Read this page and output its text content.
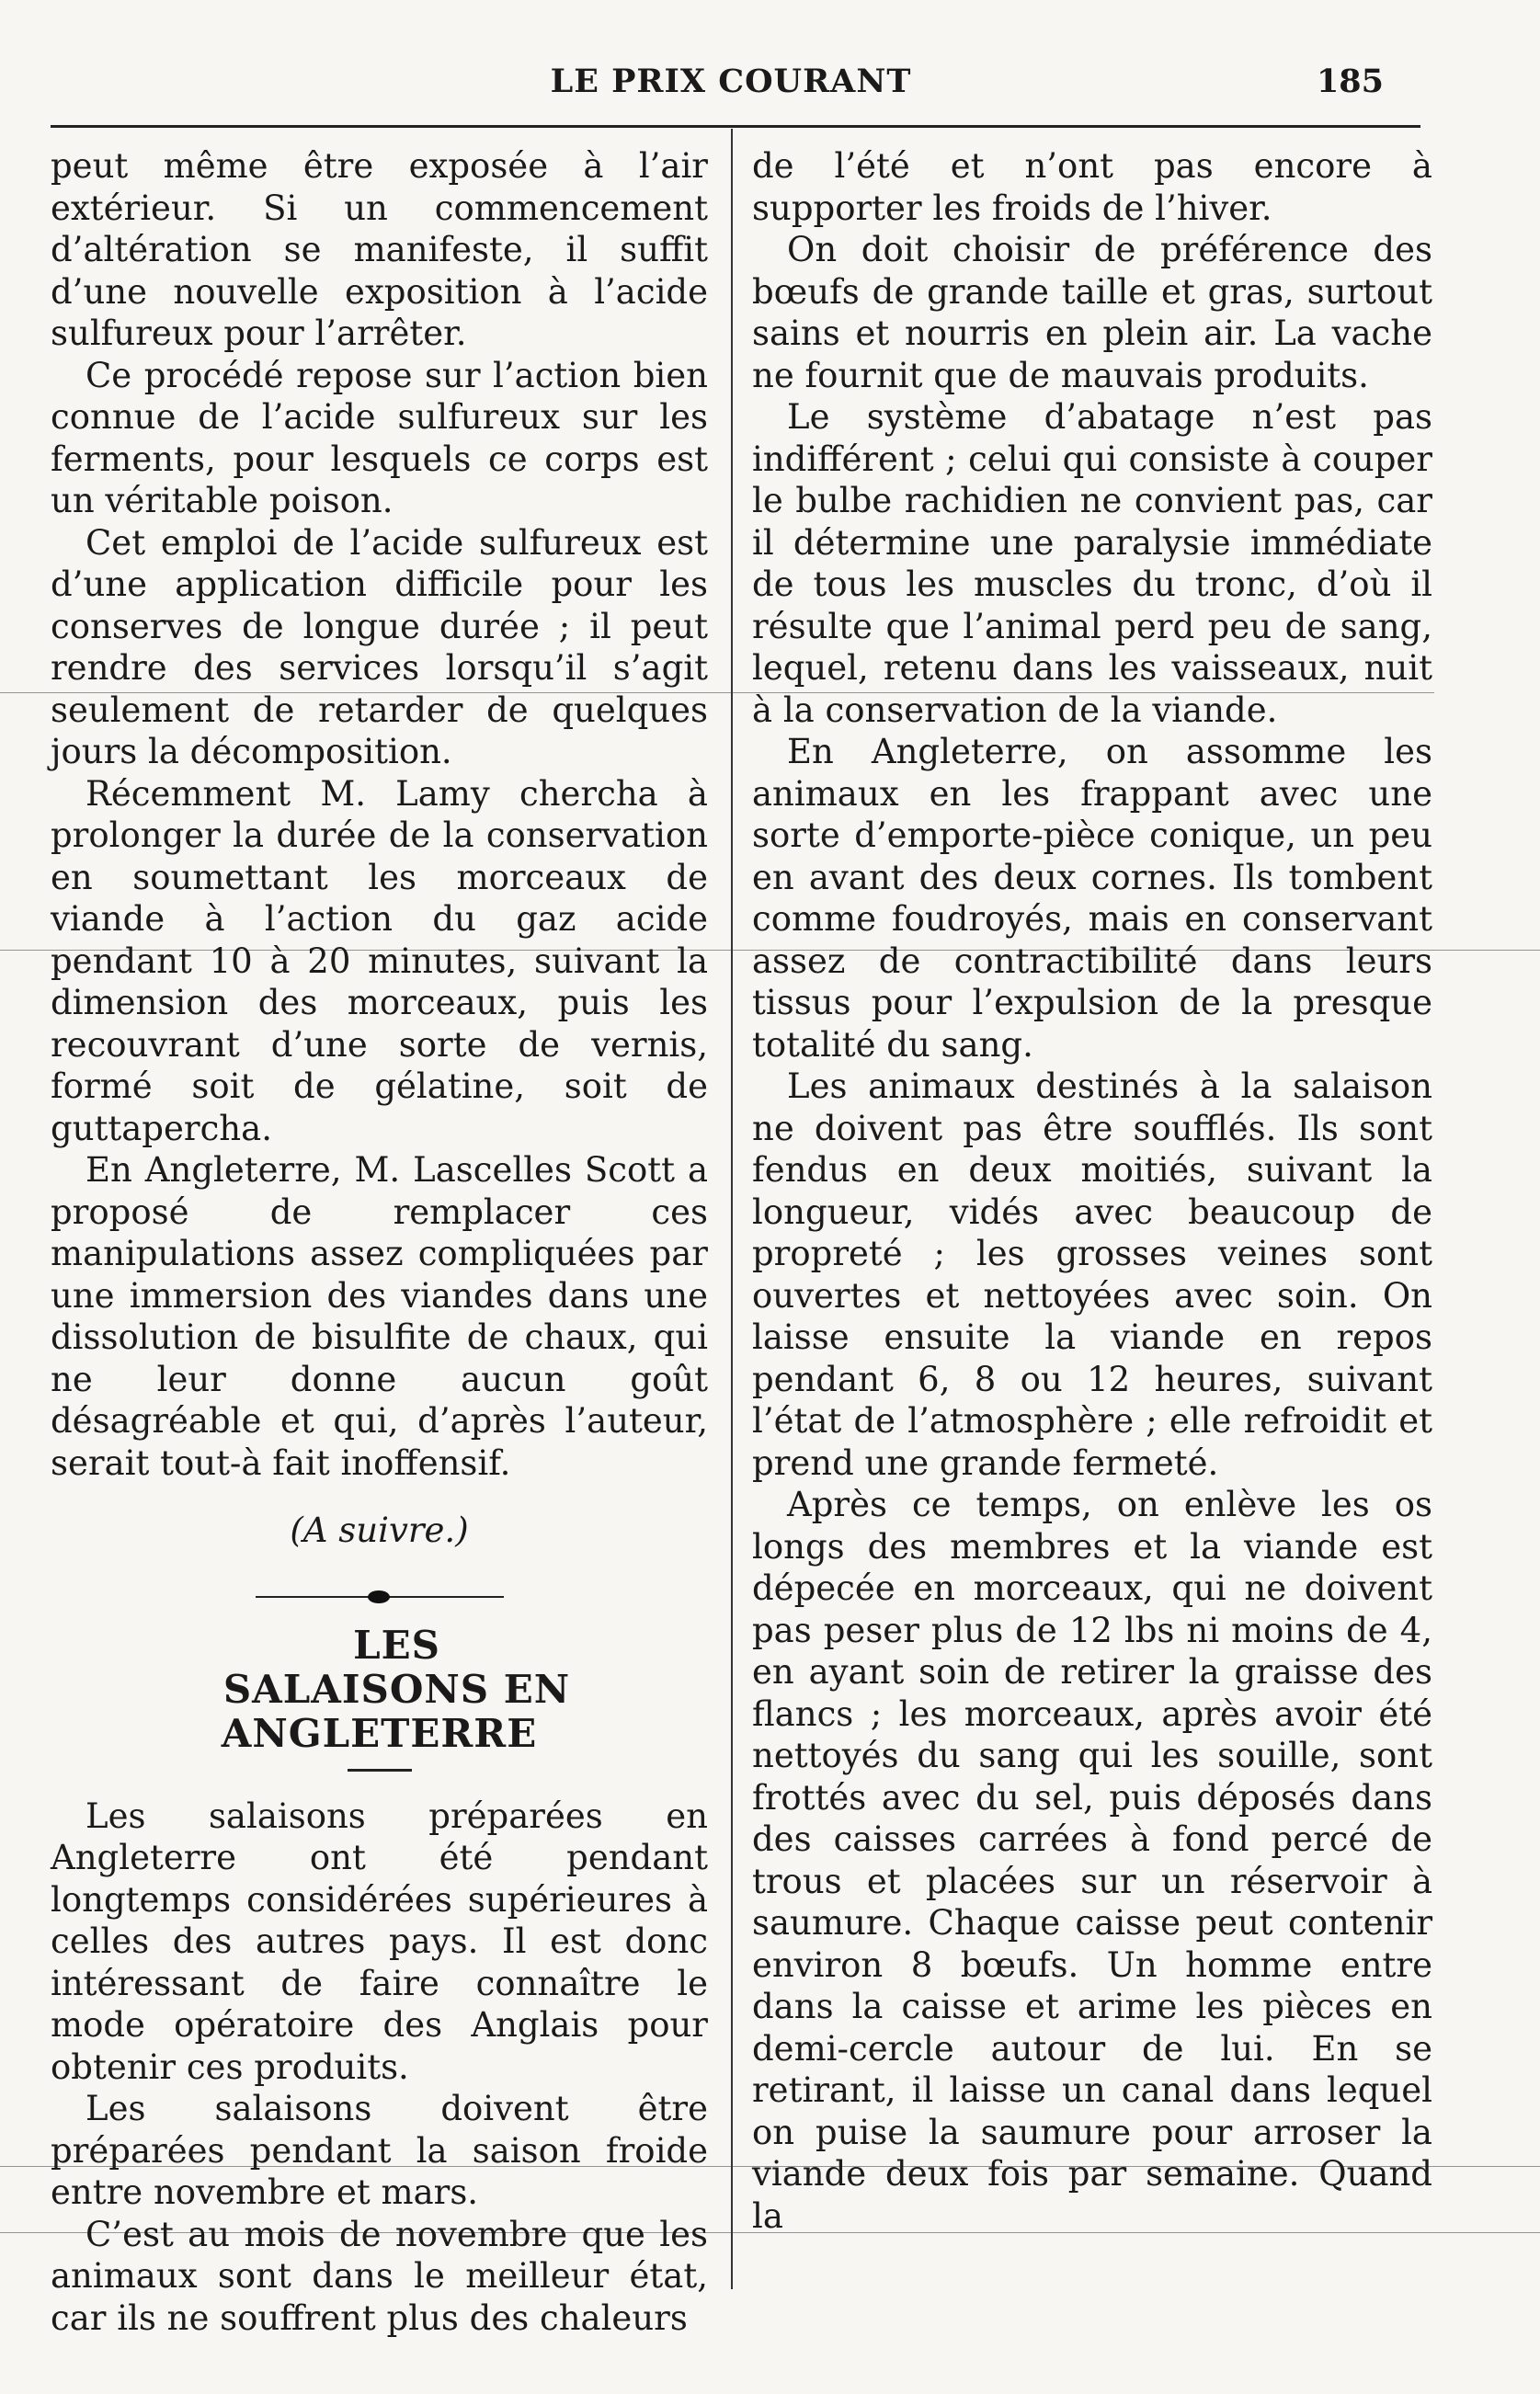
LE PRIX COURANT	185

peut même être exposée à l’air extérieur. Si un commencement d’altération se manifeste, il suffit d’une nouvelle exposition à l’acide sulfureux pour l’arrêter.

Ce procédé repose sur l’action bien connue de l’acide sulfureux sur les ferments, pour lesquels ce corps est un véritable poison.

Cet emploi de l’acide sulfureux est d’une application difficile pour les conserves de longue durée ; il peut rendre des services lorsqu’il s’agit seulement de retarder de quelques jours la décomposition.

Récemment M. Lamy chercha à prolonger la durée de la conservation en soumettant les morceaux de viande à l’action du gaz acide pendant 10 à 20 minutes, suivant la dimension des morceaux, puis les recouvrant d’une sorte de vernis, formé soit de gélatine, soit de guttapercha.

En Angleterre, M. Lascelles Scott a proposé de remplacer ces manipulations assez compliquées par une immersion des viandes dans une dissolution de bisulfite de chaux, qui ne leur donne aucun goût désagréable et qui, d’après l’auteur, serait tout-à fait inoffensif.

(A suivre.)

LES

SALAISONS EN ANGLETERRE

Les salaisons préparées en Angleterre ont été pendant longtemps considérées supérieures à celles des autres pays. Il est donc intéressant de faire connaître le mode opératoire des Anglais pour obtenir ces produits.

Les salaisons doivent être préparées pendant la saison froide entre novembre et mars.

C’est au mois de novembre que les animaux sont dans le meilleur état, car ils ne souffrent plus des chaleurs

de l’été et n’ont pas encore à supporter les froids de l’hiver.

On doit choisir de préférence des bœufs de grande taille et gras, surtout sains et nourris en plein air. La vache ne fournit que de mauvais produits.

Le système d’abatage n’est pas indifférent ; celui qui consiste à couper le bulbe rachidien ne convient pas, car il détermine une paralysie immédiate de tous les muscles du tronc, d’où il résulte que l’animal perd peu de sang, lequel, retenu dans les vaisseaux, nuit à la conservation de la viande.

En Angleterre, on assomme les animaux en les frappant avec une sorte d’emporte-pièce conique, un peu en avant des deux cornes. Ils tombent comme foudroyés, mais en conservant assez de contractibilité dans leurs tissus pour l’expulsion de la presque totalité du sang.

Les animaux destinés à la salaison ne doivent pas être soufflés. Ils sont fendus en deux moitiés, suivant la longueur, vidés avec beaucoup de propreté ; les grosses veines sont ouvertes et nettoyées avec soin. On laisse ensuite la viande en repos pendant 6, 8 ou 12 heures, suivant l’état de l’atmosphère ; elle refroidit et prend une grande fermeté.

Après ce temps, on enlève les os longs des membres et la viande est dépecée en morceaux, qui ne doivent pas peser plus de 12 lbs ni moins de 4, en ayant soin de retirer la graisse des flancs ; les morceaux, après avoir été nettoyés du sang qui les souille, sont frottés avec du sel, puis déposés dans des caisses carrées à fond percé de trous et placées sur un réservoir à saumure. Chaque caisse peut contenir environ 8 bœufs. Un homme entre dans la caisse et arime les pièces en demi-cercle autour de lui. En se retirant, il laisse un canal dans lequel on puise la saumure pour arroser la viande deux fois par semaine. Quand la
